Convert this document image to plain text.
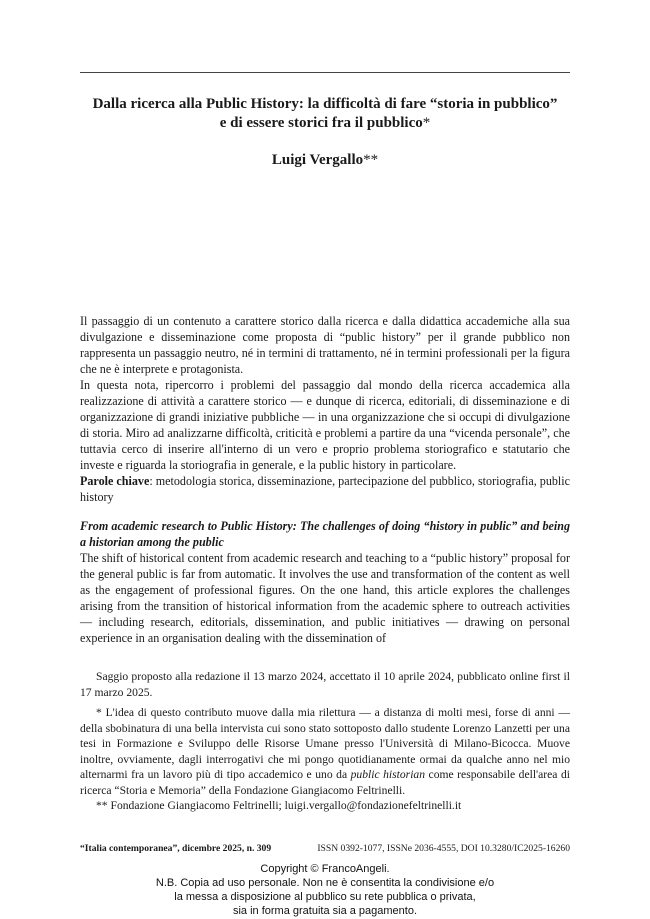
Dalla ricerca alla Public History: la difficoltà di fare “storia in pubblico”
e di essere storici fra il pubblico*
Luigi Vergallo**

Il passaggio di un contenuto a carattere storico dalla ricerca e dalla didattica accademiche alla sua divulgazione e disseminazione come proposta di “public history” per il grande pubblico non rappresenta un passaggio neutro, né in termini di trattamento, né in termini professionali per la figura che ne è interprete e protagonista.

In questa nota, ripercorro i problemi del passaggio dal mondo della ricerca accademica alla realizzazione di attività a carattere storico — e dunque di ricerca, editoriali, di disseminazione e di organizzazione di grandi iniziative pubbliche — in una organizzazione che si occupi di divulgazione di storia. Miro ad analizzarne difficoltà, criticità e problemi a partire da una “vicenda personale”, che tuttavia cerco di inserire all'interno di un vero e proprio problema storiografico e statutario che investe e riguarda la storiografia in generale, e la public history in particolare.

Parole chiave: metodologia storica, disseminazione, partecipazione del pubblico, storiografia, public history

From academic research to Public History: The challenges of doing “history in public” and being a historian among the public

The shift of historical content from academic research and teaching to a “public history” proposal for the general public is far from automatic. It involves the use and transformation of the content as well as the engagement of professional figures. On the one hand, this article explores the challenges arising from the transition of historical information from the academic sphere to outreach activities — including research, editorials, dissemination, and public initiatives — drawing on personal experience in an organisation dealing with the dissemination of

Saggio proposto alla redazione il 13 marzo 2024, accettato il 10 aprile 2024, pubblicato online first il 17 marzo 2025.

* L'idea di questo contributo muove dalla mia rilettura — a distanza di molti mesi, forse di anni — della sbobinatura di una bella intervista cui sono stato sottoposto dallo studente Lorenzo Lanzetti per una tesi in Formazione e Sviluppo delle Risorse Umane presso l'Università di Milano-Bicocca. Muove inoltre, ovviamente, dagli interrogativi che mi pongo quotidianamente ormai da qualche anno nel mio alternarmi fra un lavoro più di tipo accademico e uno da public historian come responsabile dell'area di ricerca “Storia e Memoria” della Fondazione Giangiacomo Feltrinelli.

** Fondazione Giangiacomo Feltrinelli; luigi.vergallo@fondazionefeltrinelli.it

“Italia contemporanea”, dicembre 2025, n. 309	ISSN 0392-1077, ISSNe 2036-4555, DOI 10.3280/IC2025-16260
Copyright © FrancoAngeli.
N.B. Copia ad uso personale. Non ne è consentita la condivisione e/o
la messa a disposizione al pubblico su rete pubblica o privata,
sia in forma gratuita sia a pagamento.
